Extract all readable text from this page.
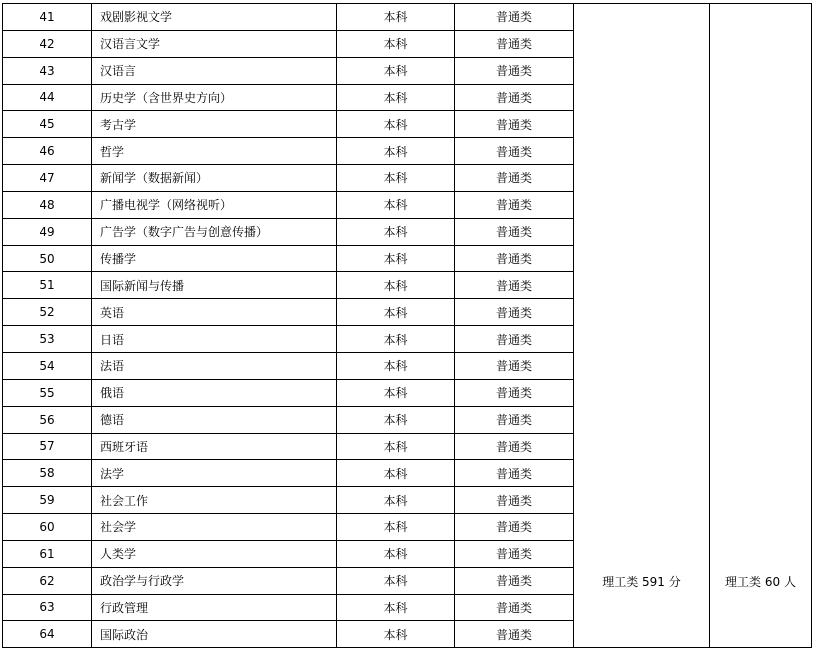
41	戏剧影视文学	本科	普通类	理工类 591 分	理工类 60 人
42	汉语言文学	本科	普通类		
43	汉语言	本科	普通类		
44	历史学（含世界史方向）	本科	普通类		
45	考古学	本科	普通类		
46	哲学	本科	普通类		
47	新闻学（数据新闻）	本科	普通类		
48	广播电视学（网络视听）	本科	普通类		
49	广告学（数字广告与创意传播）	本科	普通类		
50	传播学	本科	普通类		
51	国际新闻与传播	本科	普通类		
52	英语	本科	普通类		
53	日语	本科	普通类		
54	法语	本科	普通类		
55	俄语	本科	普通类		
56	德语	本科	普通类		
57	西班牙语	本科	普通类		
58	法学	本科	普通类		
59	社会工作	本科	普通类		
60	社会学	本科	普通类		
61	人类学	本科	普通类		
62	政治学与行政学	本科	普通类		
63	行政管理	本科	普通类		
64	国际政治	本科	普通类		
